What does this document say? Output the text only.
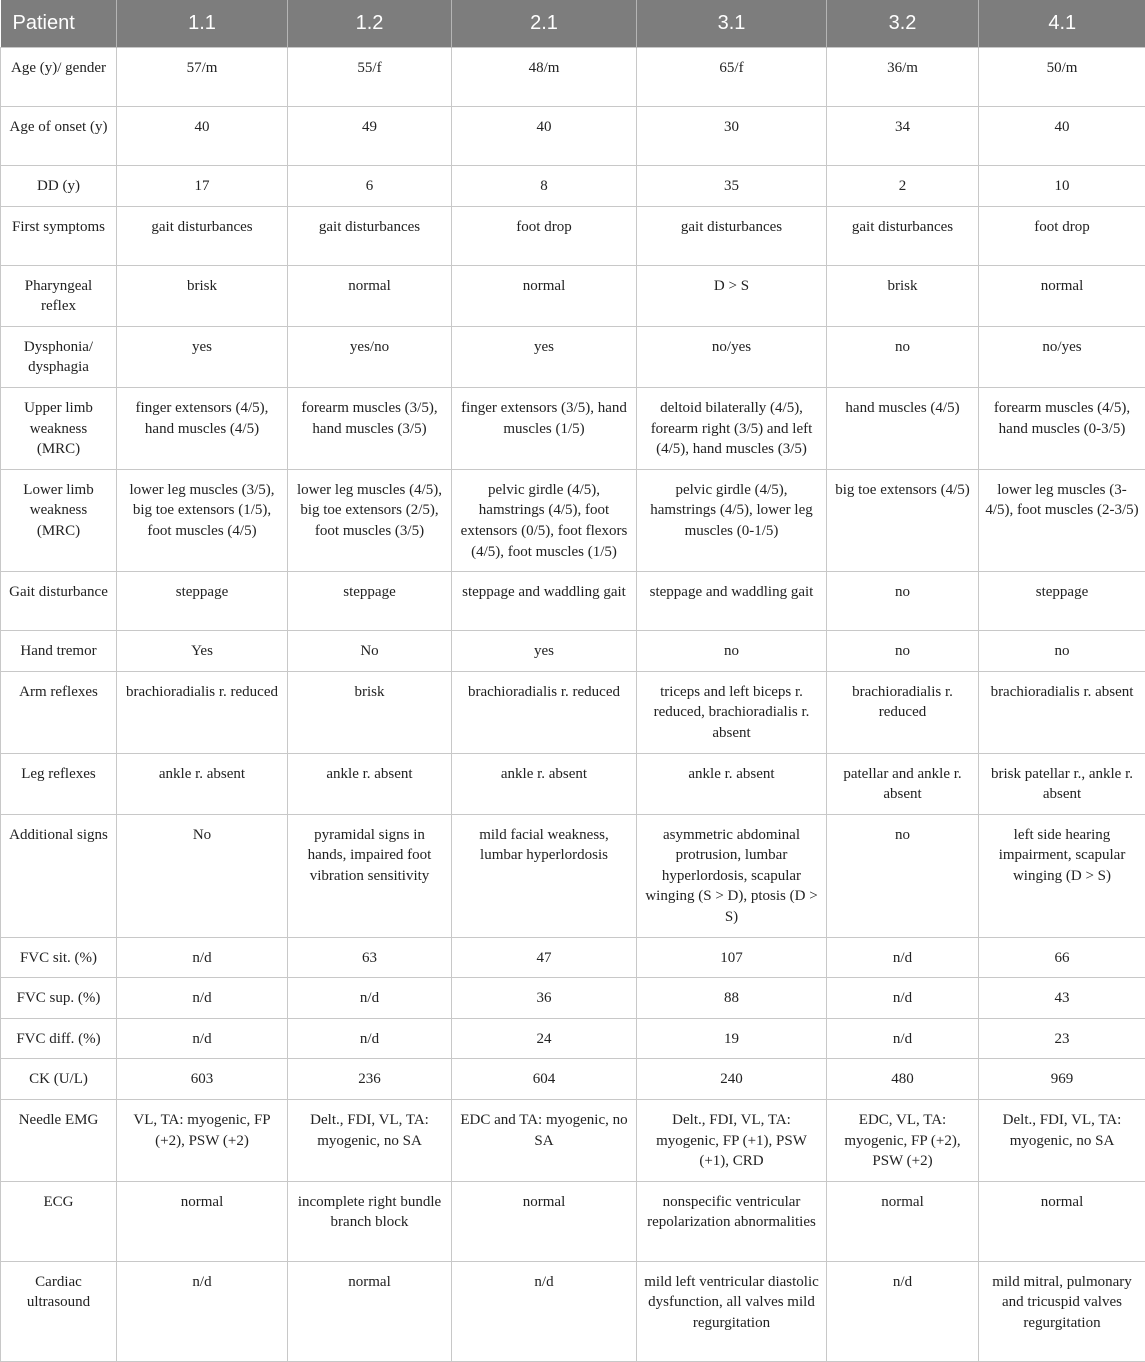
Patient	1.1	1.2	2.1	3.1	3.2	4.1
Age (y)/ gender	57/m	55/f	48/m	65/f	36/m	50/m
Age of onset (y)	40	49	40	30	34	40
DD (y)	17	6	8	35	2	10
First symptoms	gait disturbances	gait disturbances	foot drop	gait disturbances	gait disturbances	foot drop
Pharyngeal reflex	brisk	normal	normal	D > S	brisk	normal
Dysphonia/ dysphagia	yes	yes/no	yes	no/yes	no	no/yes
Upper limb weakness (MRC)	finger extensors (4/5), hand muscles (4/5)	forearm muscles (3/5), hand muscles (3/5)	finger extensors (3/5), hand muscles (1/5)	deltoid bilaterally (4/5), forearm right (3/5) and left (4/5), hand muscles (3/5)	hand muscles (4/5)	forearm muscles (4/5), hand muscles (0-3/5)
Lower limb weakness (MRC)	lower leg muscles (3/5), big toe extensors (1/5), foot muscles (4/5)	lower leg muscles (4/5), big toe extensors (2/5), foot muscles (3/5)	pelvic girdle (4/5), hamstrings (4/5), foot extensors (0/5), foot flexors (4/5), foot muscles (1/5)	pelvic girdle (4/5), hamstrings (4/5), lower leg muscles (0-1/5)	big toe extensors (4/5)	lower leg muscles (3-4/5), foot muscles (2-3/5)
Gait disturbance	steppage	steppage	steppage and waddling gait	steppage and waddling gait	no	steppage
Hand tremor	Yes	No	yes	no	no	no
Arm reflexes	brachioradialis r. reduced	brisk	brachioradialis r. reduced	triceps and left biceps r. reduced, brachioradialis r. absent	brachioradialis r. reduced	brachioradialis r. absent
Leg reflexes	ankle r. absent	ankle r. absent	ankle r. absent	ankle r. absent	patellar and ankle r. absent	brisk patellar r., ankle r. absent
Additional signs	No	pyramidal signs in hands, impaired foot vibration sensitivity	mild facial weakness, lumbar hyperlordosis	asymmetric abdominal protrusion, lumbar hyperlordosis, scapular winging (S > D), ptosis (D > S)	no	left side hearing impairment, scapular winging (D > S)
FVC sit. (%)	n/d	63	47	107	n/d	66
FVC sup. (%)	n/d	n/d	36	88	n/d	43
FVC diff. (%)	n/d	n/d	24	19	n/d	23
CK (U/L)	603	236	604	240	480	969
Needle EMG	VL, TA: myogenic, FP (+2), PSW (+2)	Delt., FDI, VL, TA: myogenic, no SA	EDC and TA: myogenic, no SA	Delt., FDI, VL, TA: myogenic, FP (+1), PSW (+1), CRD	EDC, VL, TA: myogenic, FP (+2), PSW (+2)	Delt., FDI, VL, TA: myogenic, no SA
ECG	normal	incomplete right bundle branch block	normal	nonspecific ventricular repolarization abnormalities	normal	normal
Cardiac ultrasound	n/d	normal	n/d	mild left ventricular diastolic dysfunction, all valves mild regurgitation	n/d	mild mitral, pulmonary and tricuspid valves regurgitation
